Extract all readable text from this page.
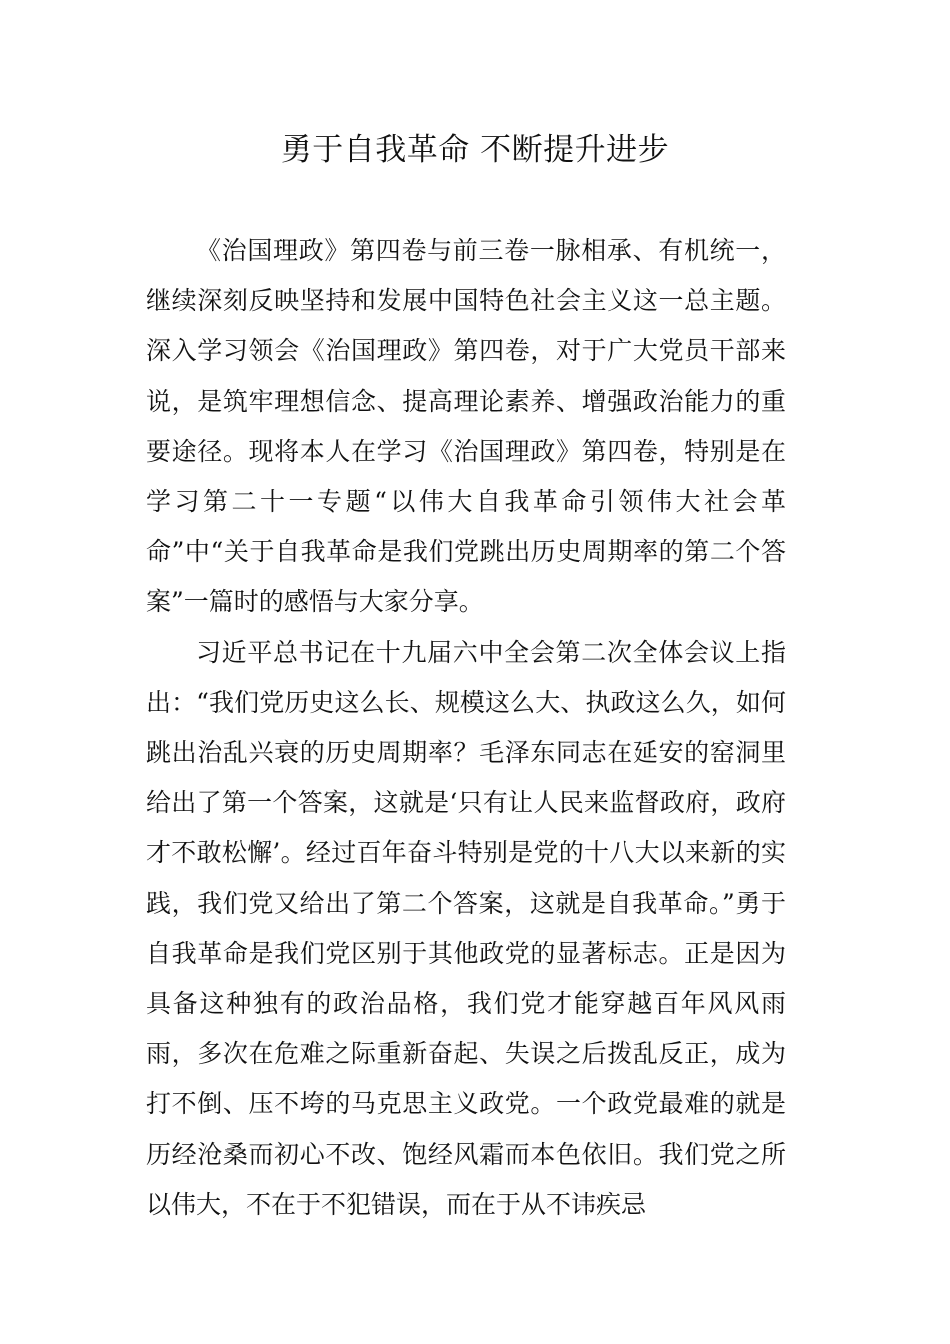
勇于自我革命 不断提升进步

《治国理政》第四卷与前三卷一脉相承、有机统一，继续深刻反映坚持和发展中国特色社会主义这一总主题。深入学习领会《治国理政》第四卷，对于广大党员干部来说，是筑牢理想信念、提高理论素养、增强政治能力的重要途径。现将本人在学习《治国理政》第四卷，特别是在学习第二十一专题“以伟大自我革命引领伟大社会革命”中“关于自我革命是我们党跳出历史周期率的第二个答案”一篇时的感悟与大家分享。

习近平总书记在十九届六中全会第二次全体会议上指出：“我们党历史这么长、规模这么大、执政这么久，如何跳出治乱兴衰的历史周期率？毛泽东同志在延安的窑洞里给出了第一个答案，这就是‘只有让人民来监督政府，政府才不敢松懈’。经过百年奋斗特别是党的十八大以来新的实践，我们党又给出了第二个答案，这就是自我革命。”勇于自我革命是我们党区别于其他政党的显著标志。正是因为具备这种独有的政治品格，我们党才能穿越百年风风雨雨，多次在危难之际重新奋起、失误之后拨乱反正，成为打不倒、压不垮的马克思主义政党。一个政党最难的就是历经沧桑而初心不改、饱经风霜而本色依旧。我们党之所以伟大，不在于不犯错误，而在于从不讳疾忌
